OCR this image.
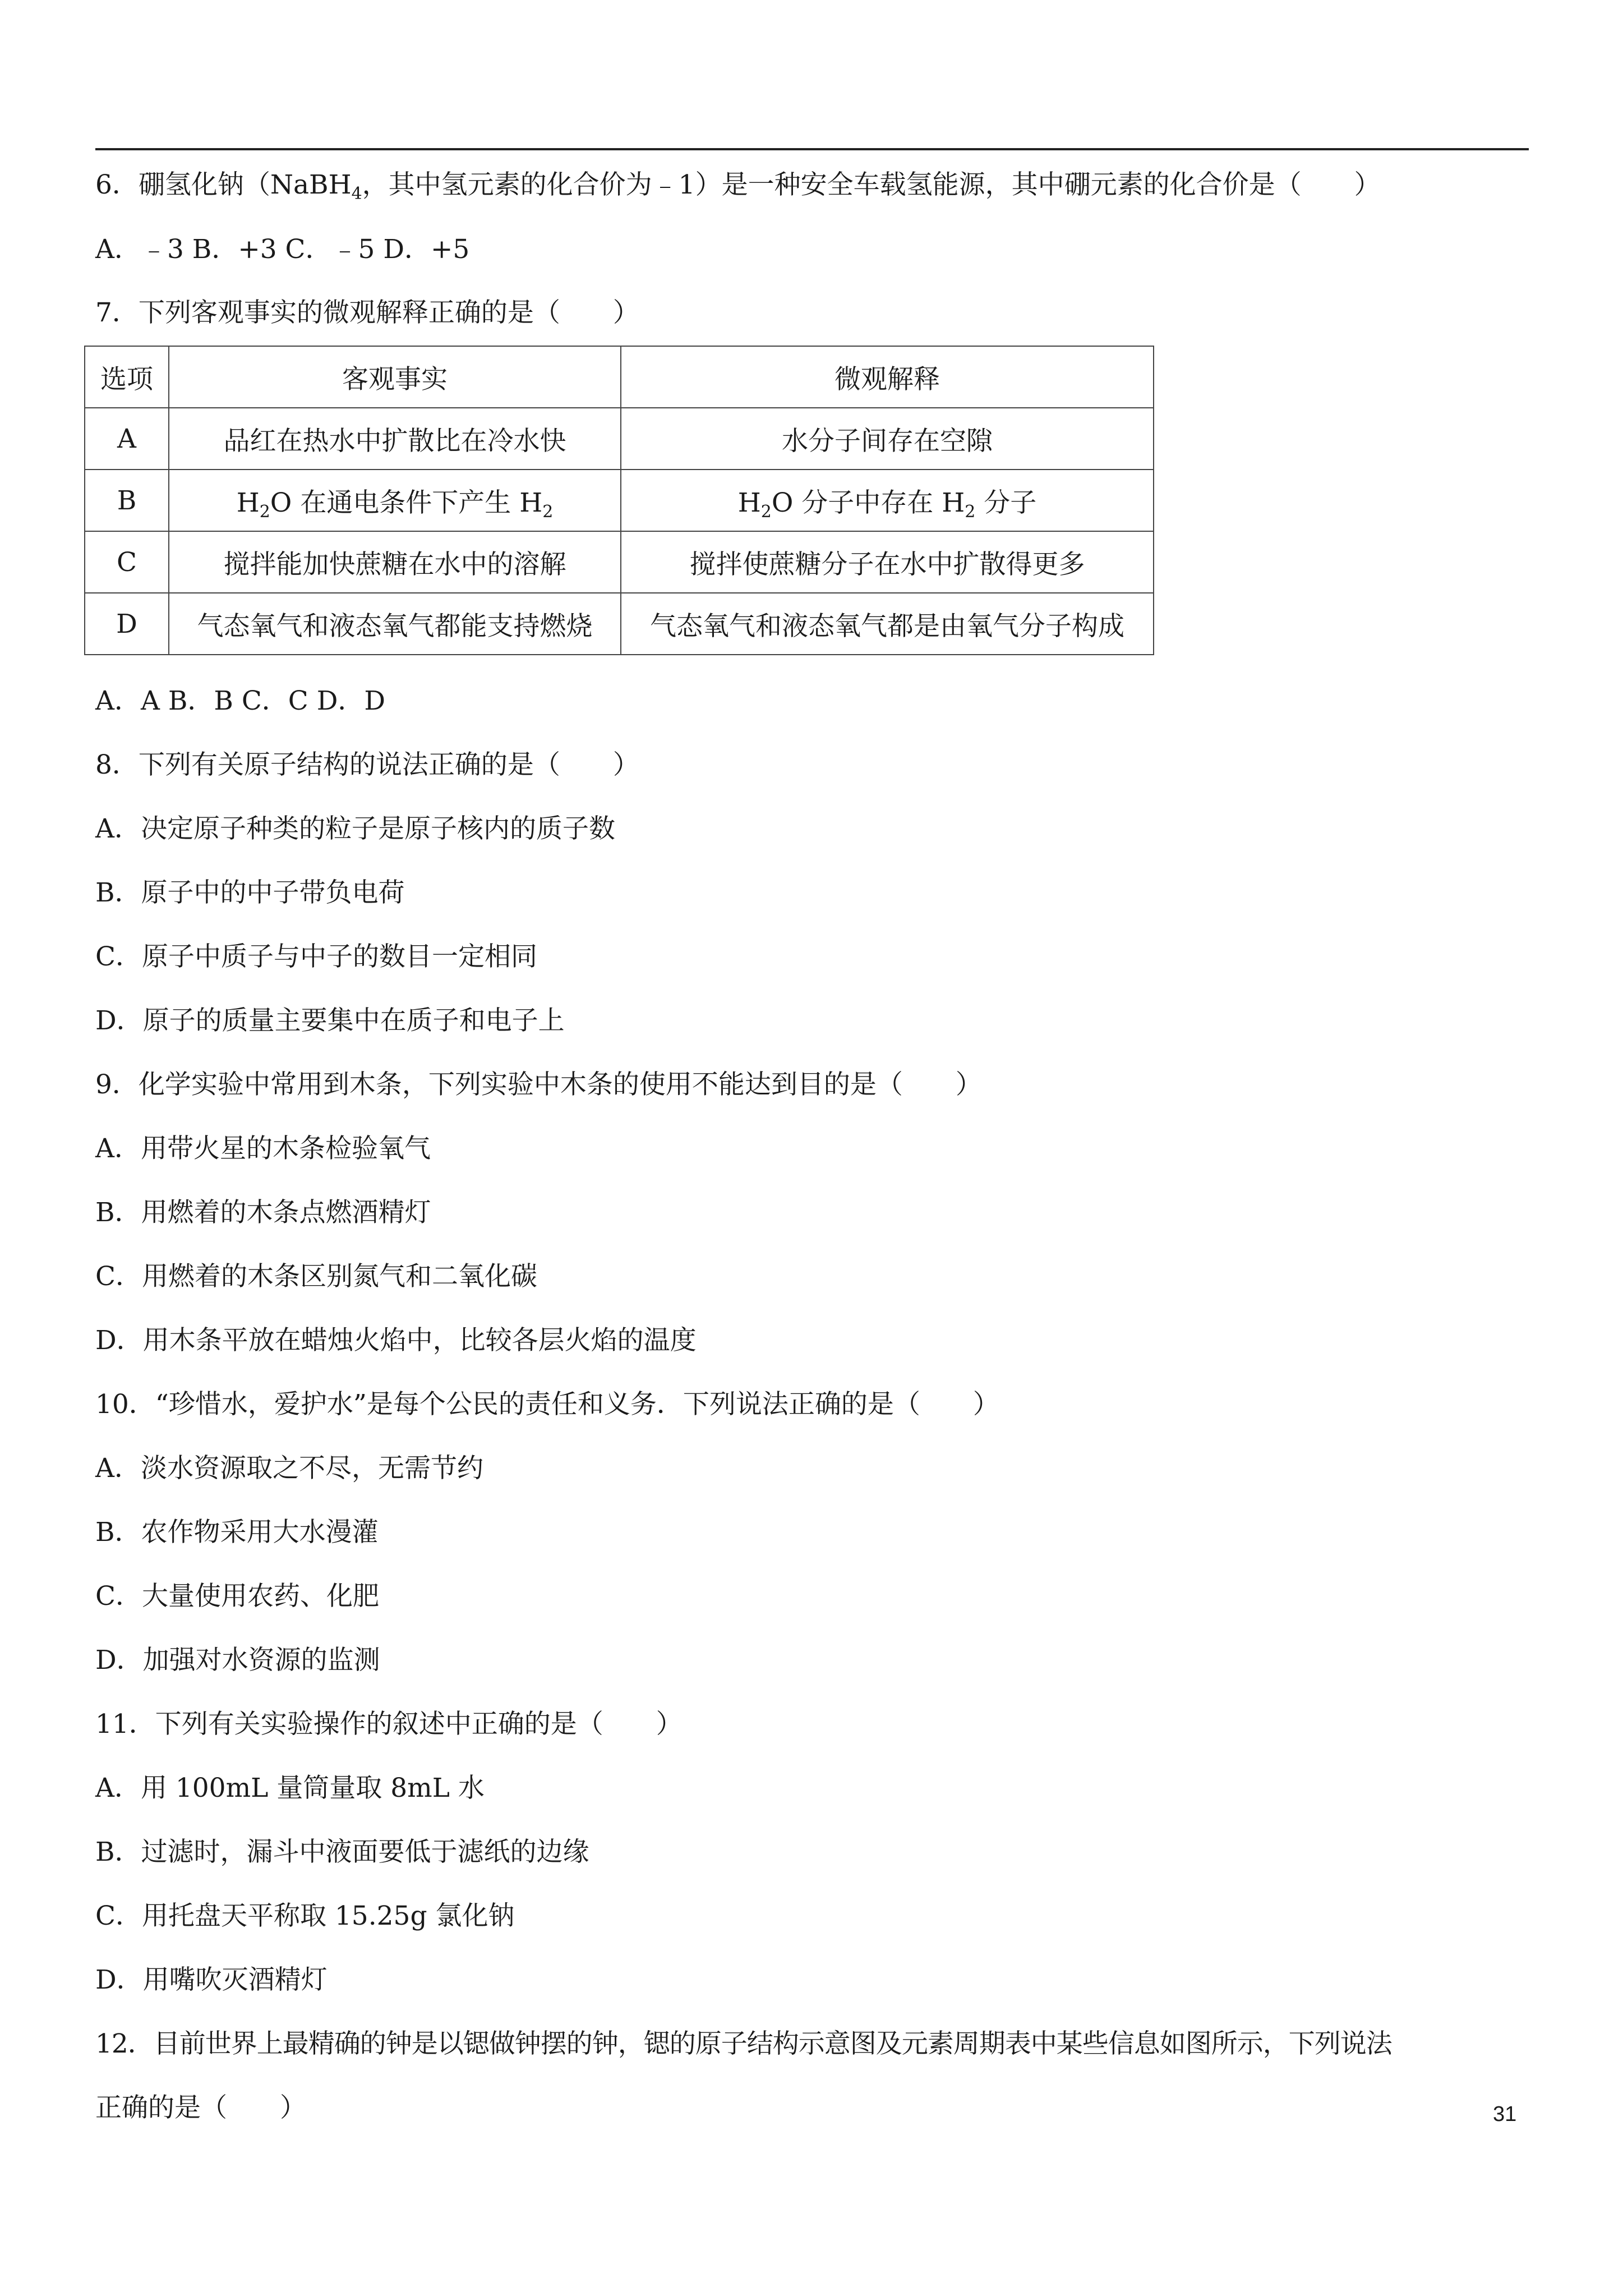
6．硼氢化钠（NaBH$_4$，其中氢元素的化合价为﹣1）是一种安全车载氢能源，其中硼元素的化合价是（　　）
A．﹣3 B．+3 C．﹣5 D．+5
7．下列客观事实的微观解释正确的是（　　）
选项	客观事实	微观解释
A	品红在热水中扩散比在冷水快	水分子间存在空隙
B	$H_2O$ 在通电条件下产生 $H_2$	$H_2O$ 分子中存在 $H_2$ 分子
C	搅拌能加快蔗糖在水中的溶解	搅拌使蔗糖分子在水中扩散得更多
D	气态氧气和液态氧气都能支持燃烧	气态氧气和液态氧气都是由氧气分子构成
A．A B．B C．C D．D
8．下列有关原子结构的说法正确的是（　　）
A．决定原子种类的粒子是原子核内的质子数
B．原子中的中子带负电荷
C．原子中质子与中子的数目一定相同
D．原子的质量主要集中在质子和电子上
9．化学实验中常用到木条，下列实验中木条的使用不能达到目的是（　　）
A．用带火星的木条检验氧气
B．用燃着的木条点燃酒精灯
C．用燃着的木条区别氮气和二氧化碳
D．用木条平放在蜡烛火焰中，比较各层火焰的温度
10．“珍惜水，爱护水”是每个公民的责任和义务．下列说法正确的是（　　）
A．淡水资源取之不尽，无需节约
B．农作物采用大水漫灌
C．大量使用农药、化肥
D．加强对水资源的监测
11．下列有关实验操作的叙述中正确的是（　　）
A．用 100mL 量筒量取 8mL 水
B．过滤时，漏斗中液面要低于滤纸的边缘
C．用托盘天平称取 15.25g 氯化钠
D．用嘴吹灭酒精灯
12．目前世界上最精确的钟是以锶做钟摆的钟，锶的原子结构示意图及元素周期表中某些信息如图所示，下列说法
正确的是（　　）	31
